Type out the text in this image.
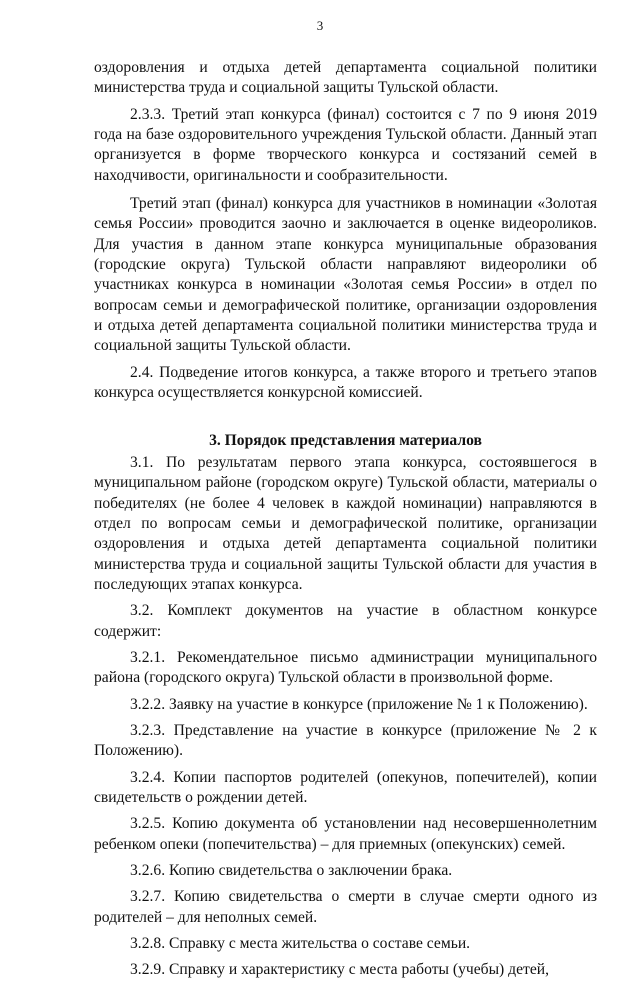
3

оздоровления и отдыха детей департамента социальной политики министерства труда и социальной защиты Тульской области.

2.3.3. Третий этап конкурса (финал) состоится с 7 по 9 июня 2019 года на базе оздоровительного учреждения Тульской области. Данный этап организуется в форме творческого конкурса и состязаний семей в находчивости, оригинальности и сообразительности.

Третий этап (финал) конкурса для участников в номинации «Золотая семья России» проводится заочно и заключается в оценке видеороликов. Для участия в данном этапе конкурса муниципальные образования (городские округа) Тульской области направляют видеоролики об участниках конкурса в номинации «Золотая семья России» в отдел по вопросам семьи и демографической политике, организации оздоровления и отдыха детей департамента социальной политики министерства труда и социальной защиты Тульской области.

2.4. Подведение итогов конкурса, а также второго и третьего этапов конкурса осуществляется конкурсной комиссией.

3. Порядок представления материалов

3.1. По результатам первого этапа конкурса, состоявшегося в муниципальном районе (городском округе) Тульской области, материалы о победителях (не более 4 человек в каждой номинации) направляются в отдел по вопросам семьи и демографической политике, организации оздоровления и отдыха детей департамента социальной политики министерства труда и социальной защиты Тульской области для участия в последующих этапах конкурса.

3.2. Комплект документов на участие в областном конкурсе содержит:

3.2.1. Рекомендательное письмо администрации муниципального района (городского округа) Тульской области в произвольной форме.

3.2.2. Заявку на участие в конкурсе (приложение № 1 к Положению).

3.2.3. Представление на участие в конкурсе (приложение № 2 к Положению).

3.2.4. Копии паспортов родителей (опекунов, попечителей), копии свидетельств о рождении детей.

3.2.5. Копию документа об установлении над несовершеннолетним ребенком опеки (попечительства) – для приемных (опекунских) семей.

3.2.6. Копию свидетельства о заключении брака.

3.2.7. Копию свидетельства о смерти в случае смерти одного из родителей – для неполных семей.

3.2.8. Справку с места жительства о составе семьи.

3.2.9. Справку и характеристику с места работы (учебы) детей,
